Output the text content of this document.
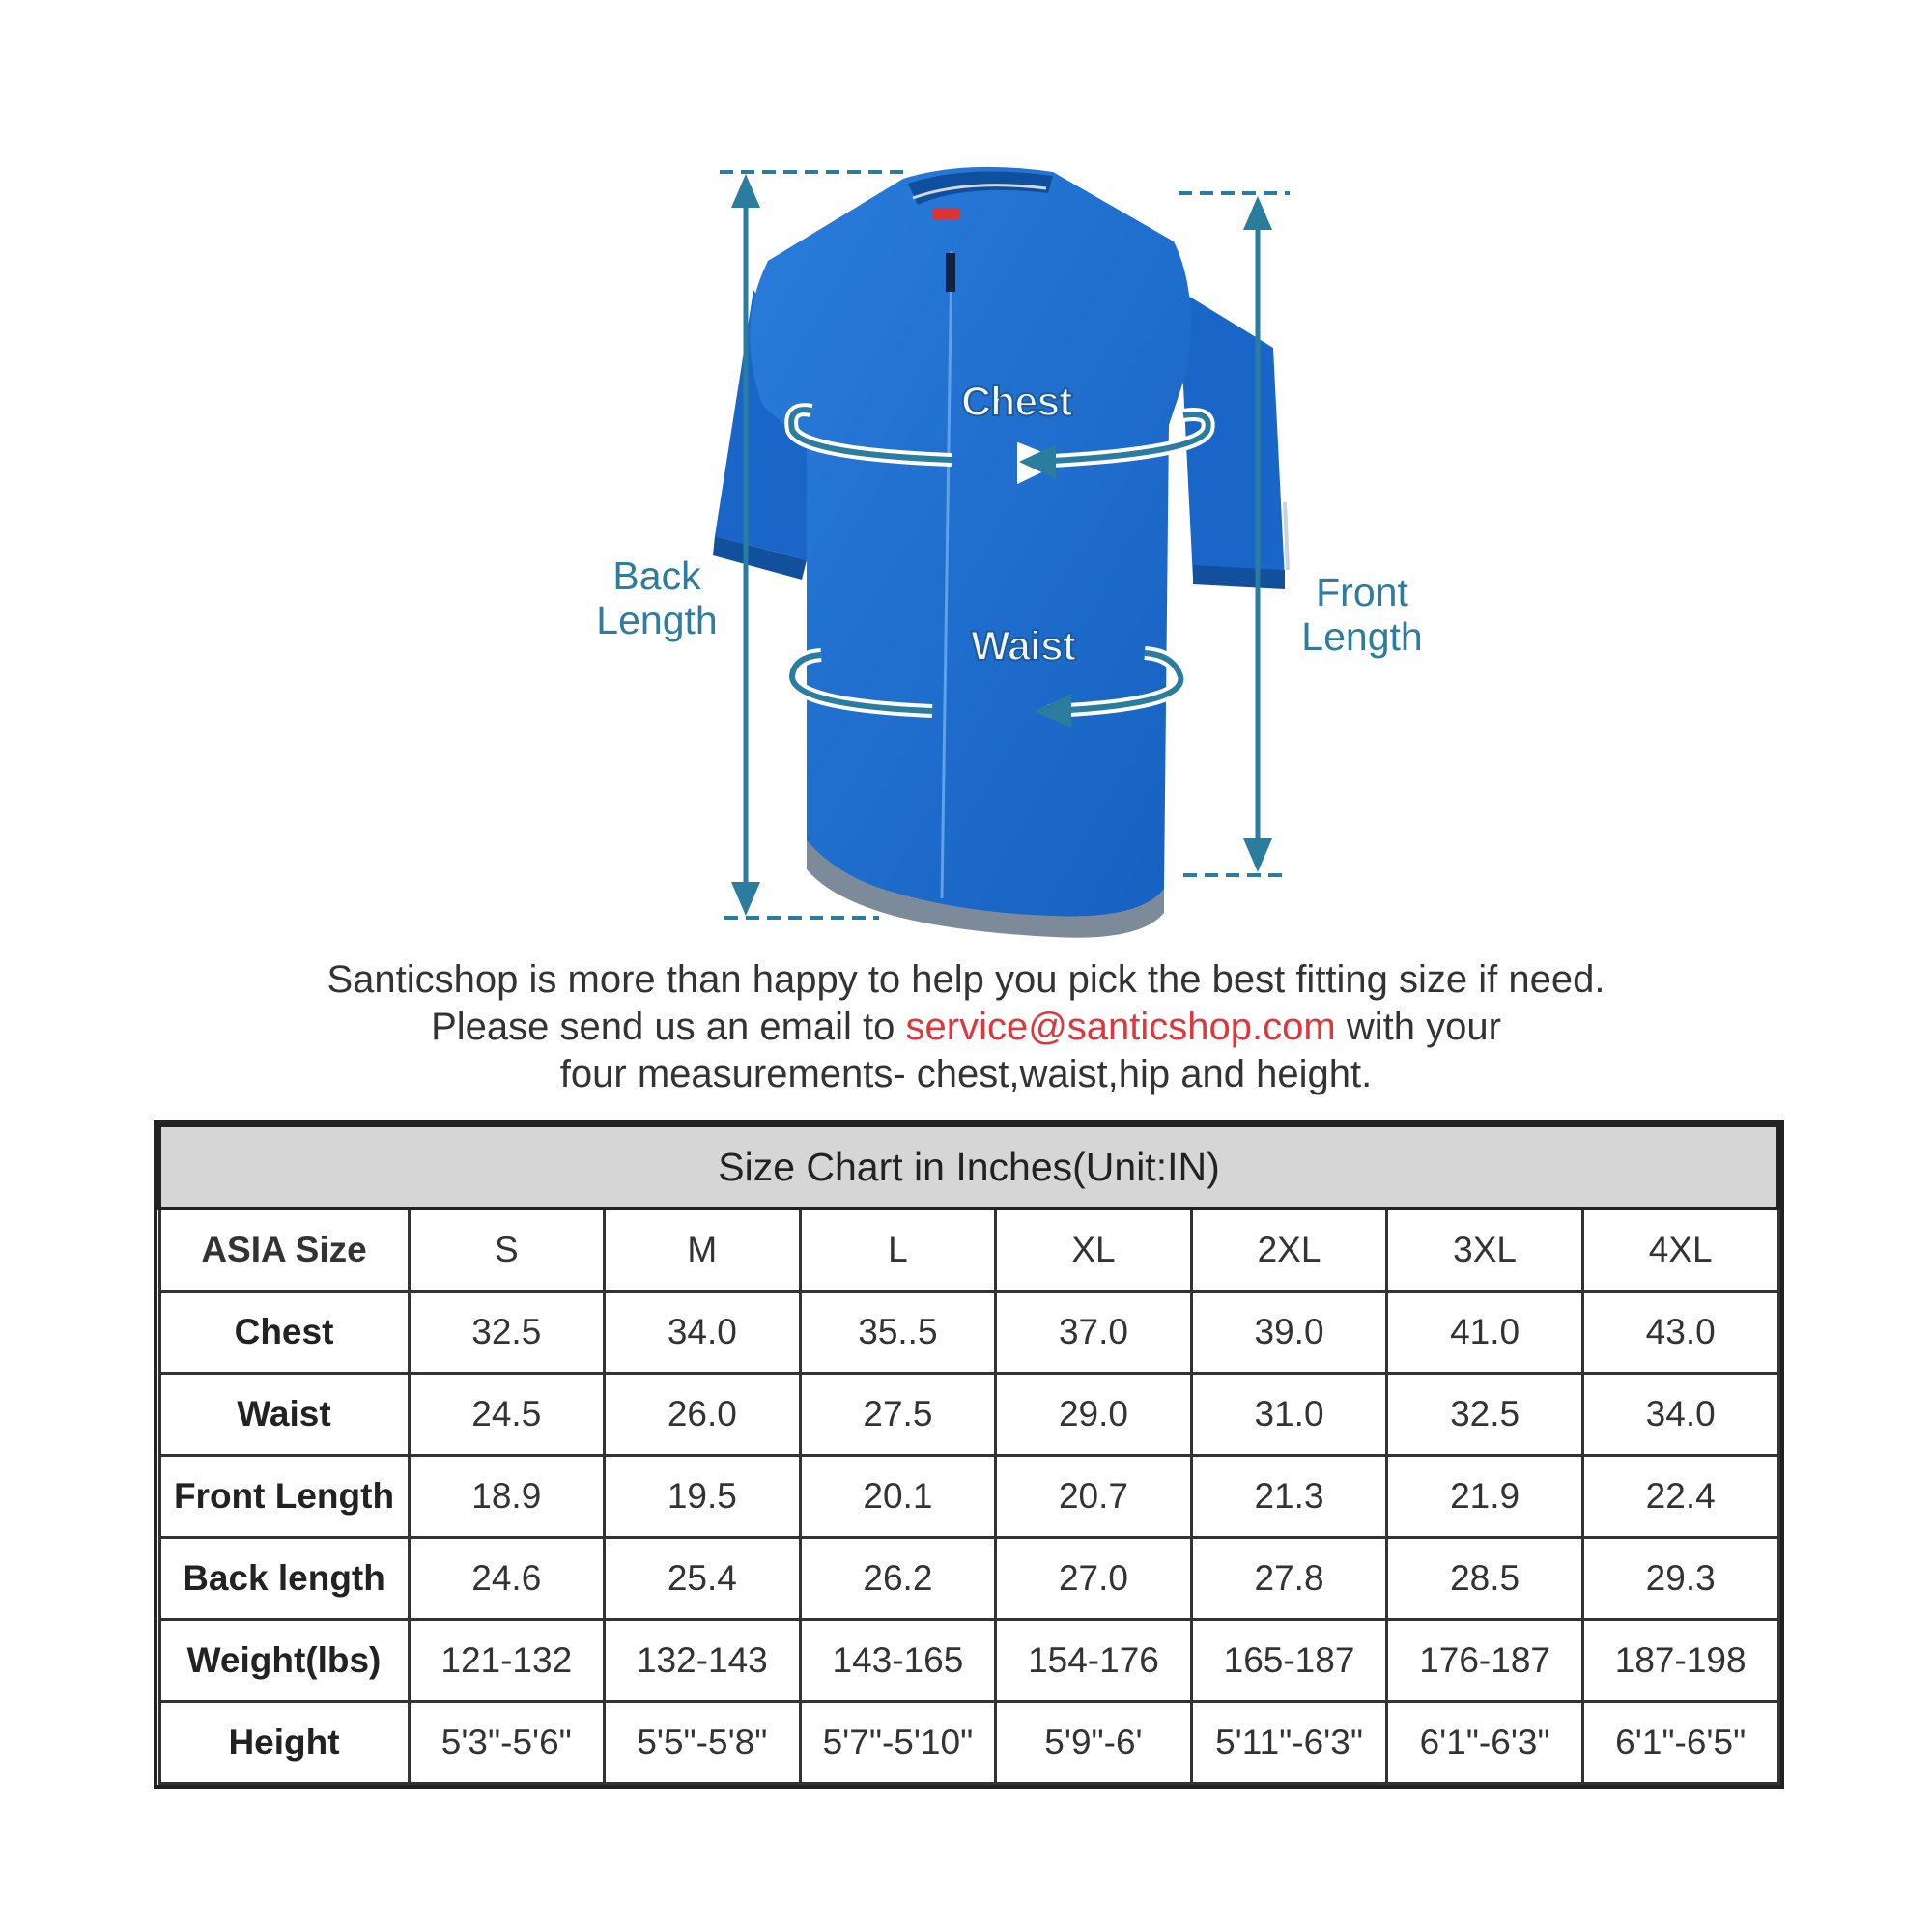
Back
Length
Front
Length
Chest
Waist
Santicshop is more than happy to help you pick the best fitting size if need.
Please send us an email to service@santicshop.com with your
four measurements- chest,waist,hip and height.
Size Chart in Inches(Unit:IN)							
ASIA Size	S	M	L	XL	2XL	3XL	4XL
Chest	32.5	34.0	35..5	37.0	39.0	41.0	43.0
Waist	24.5	26.0	27.5	29.0	31.0	32.5	34.0
Front Length	18.9	19.5	20.1	20.7	21.3	21.9	22.4
Back length	24.6	25.4	26.2	27.0	27.8	28.5	29.3
Weight(lbs)	121-132	132-143	143-165	154-176	165-187	176-187	187-198
Height	5'3"-5'6"	5'5"-5'8"	5'7"-5'10"	5'9"-6'	5'11"-6'3"	6'1"-6'3"	6'1"-6'5"
